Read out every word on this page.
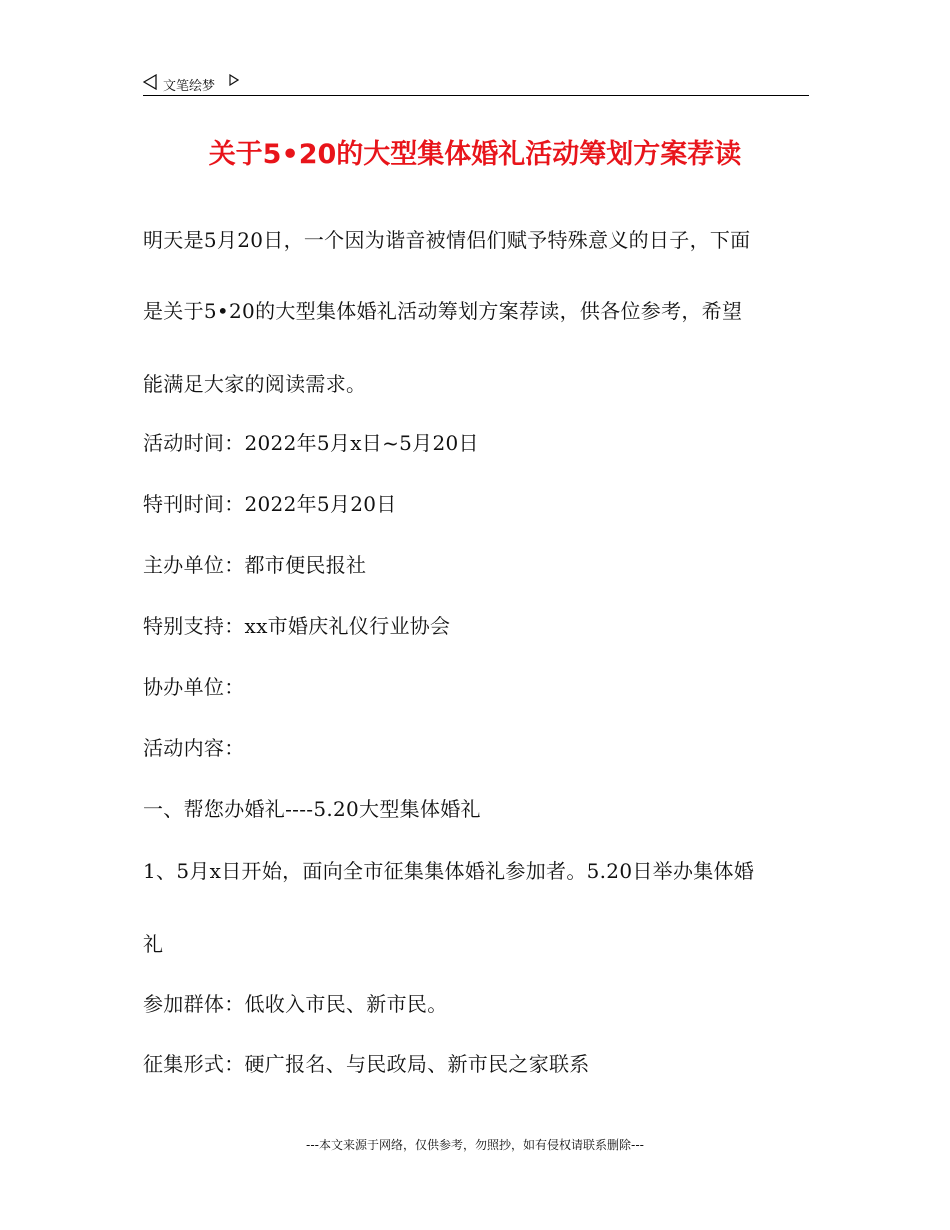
文笔绘梦
关于5•20的大型集体婚礼活动筹划方案荐读
明天是5月20日，一个因为谐音被情侣们赋予特殊意义的日子，下面
是关于5•20的大型集体婚礼活动筹划方案荐读，供各位参考，希望
能满足大家的阅读需求。
活动时间：2022年5月x日~5月20日
特刊时间：2022年5月20日
主办单位：都市便民报社
特别支持：xx市婚庆礼仪行业协会
协办单位：
活动内容：
一、帮您办婚礼----5.20大型集体婚礼
1、5月x日开始，面向全市征集集体婚礼参加者。5.20日举办集体婚
礼
参加群体：低收入市民、新市民。
征集形式：硬广报名、与民政局、新市民之家联系
---本文来源于网络，仅供参考，勿照抄，如有侵权请联系删除---
